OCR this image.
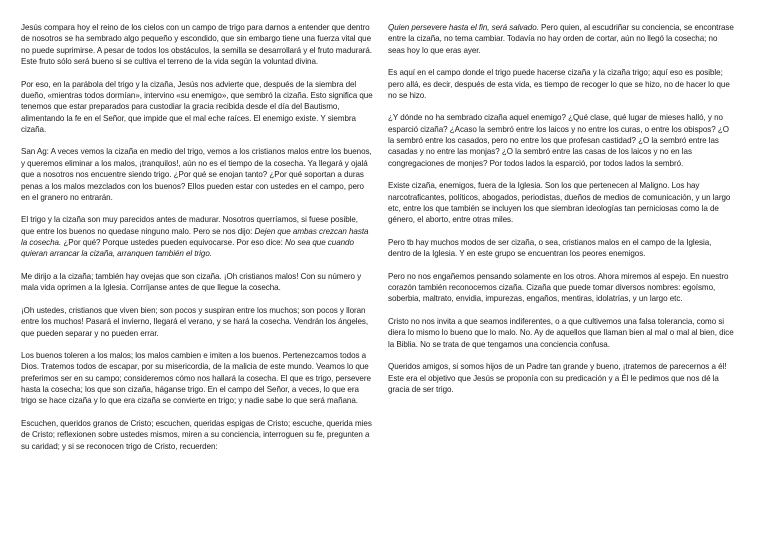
Jesús compara hoy el reino de los cielos con un campo de trigo para darnos a entender que dentro de nosotros se ha sembrado algo pequeño y escondido, que sin embargo tiene una fuerza vital que no puede suprimirse. A pesar de todos los obstáculos, la semilla se desarrollará y el fruto madurará. Este fruto sólo será bueno si se cultiva el terreno de la vida según la voluntad divina.

Por eso, en la parábola del trigo y la cizaña, Jesús nos advierte que, después de la siembra del dueño, «mientras todos dormían», intervino «su enemigo», que sembró la cizaña. Esto significa que tenemos que estar preparados para custodiar la gracia recibida desde el día del Bautismo, alimentando la fe en el Señor, que impide que el mal eche raíces. El enemigo existe. Y siembra cizaña.

San Ag: A veces vemos la cizaña en medio del trigo, vemos a los cristianos malos entre los buenos, y queremos eliminar a los malos, ¡tranquilos!, aún no es el tiempo de la cosecha. Ya llegará y ojalá que a nosotros nos encuentre siendo trigo. ¿Por qué se enojan tanto? ¿Por qué soportan a duras penas a los malos mezclados con los buenos? Ellos pueden estar con ustedes en el campo, pero en el granero no entrarán.

El trigo y la cizaña son muy parecidos antes de madurar. Nosotros querríamos, si fuese posible, que entre los buenos no quedase ninguno malo. Pero se nos dijo: Dejen que ambas crezcan hasta la cosecha. ¿Por qué? Porque ustedes pueden equivocarse. Por eso dice: No sea que cuando quieran arrancar la cizaña, arranquen también el trigo.

Me dirijo a la cizaña; también hay ovejas que son cizaña. ¡Oh cristianos malos! Con su número y mala vida oprimen a la Iglesia. Corríjanse antes de que llegue la cosecha.

¡Oh ustedes, cristianos que viven bien; son pocos y suspiran entre los muchos; son pocos y lloran entre los muchos! Pasará el invierno, llegará el verano, y se hará la cosecha. Vendrán los ángeles, que pueden separar y no pueden errar.

Los buenos toleren a los malos; los malos cambien e imiten a los buenos. Pertenezcamos todos a Dios. Tratemos todos de escapar, por su misericordia, de la malicia de este mundo. Veamos lo que preferimos ser en su campo; consideremos cómo nos hallará la cosecha. El que es trigo, persevere hasta la cosecha; los que son cizaña, háganse trigo. En el campo del Señor, a veces, lo que era trigo se hace cizaña y lo que era cizaña se convierte en trigo; y nadie sabe lo que será mañana.

Escuchen, queridos granos de Cristo; escuchen, queridas espigas de Cristo; escuche, querida mies de Cristo; reflexionen sobre ustedes mismos, miren a su conciencia, interroguen su fe, pregunten a su caridad; y si se reconocen trigo de Cristo, recuerden:

Quien persevere hasta el fin, será salvado. Pero quien, al escudriñar su conciencia, se encontrase entre la cizaña, no tema cambiar. Todavía no hay orden de cortar, aún no llegó la cosecha; no seas hoy lo que eras ayer.

Es aquí en el campo donde el trigo puede hacerse cizaña y la cizaña trigo; aquí eso es posible; pero allá, es decir, después de esta vida, es tiempo de recoger lo que se hizo, no de hacer lo que no se hizo.

¿Y dónde no ha sembrado cizaña aquel enemigo? ¿Qué clase, qué lugar de mieses halló, y no esparció cizaña? ¿Acaso la sembró entre los laicos y no entre los curas, o entre los obispos? ¿O la sembró entre los casados, pero no entre los que profesan castidad? ¿O la sembró entre las casadas y no entre las monjas? ¿O la sembró entre las casas de los laicos y no en las congregaciones de monjes? Por todos lados la esparció, por todos lados la sembró.

Existe cizaña, enemigos, fuera de la Iglesia. Son los que pertenecen al Maligno. Los hay narcotraficantes, políticos, abogados, periodistas, dueños de medios de comunicación, y un largo etc, entre los que también se incluyen los que siembran ideologías tan perniciosas como la de género, el aborto, entre otras miles.

Pero tb hay muchos modos de ser cizaña, o sea, cristianos malos en el campo de la Iglesia, dentro de la Iglesia. Y en este grupo se encuentran los peores enemigos.

Pero no nos engañemos pensando solamente en los otros. Ahora miremos al espejo. En nuestro corazón también reconocemos cizaña. Cizaña que puede tomar diversos nombres: egoísmo, soberbia, maltrato, envidia, impurezas, engaños, mentiras, idolatrías, y un largo etc.

Cristo no nos invita a que seamos indiferentes, o a que cultivemos una falsa tolerancia, como si diera lo mismo lo bueno que lo malo. No. Ay de aquellos que llaman bien al mal o mal al bien, dice la Biblia. No se trata de que tengamos una conciencia confusa.

Queridos amigos, si somos hijos de un Padre tan grande y bueno, ¡tratemos de parecernos a él! Este era el objetivo que Jesús se proponía con su predicación y a Él le pedimos que nos dé la gracia de ser trigo.
